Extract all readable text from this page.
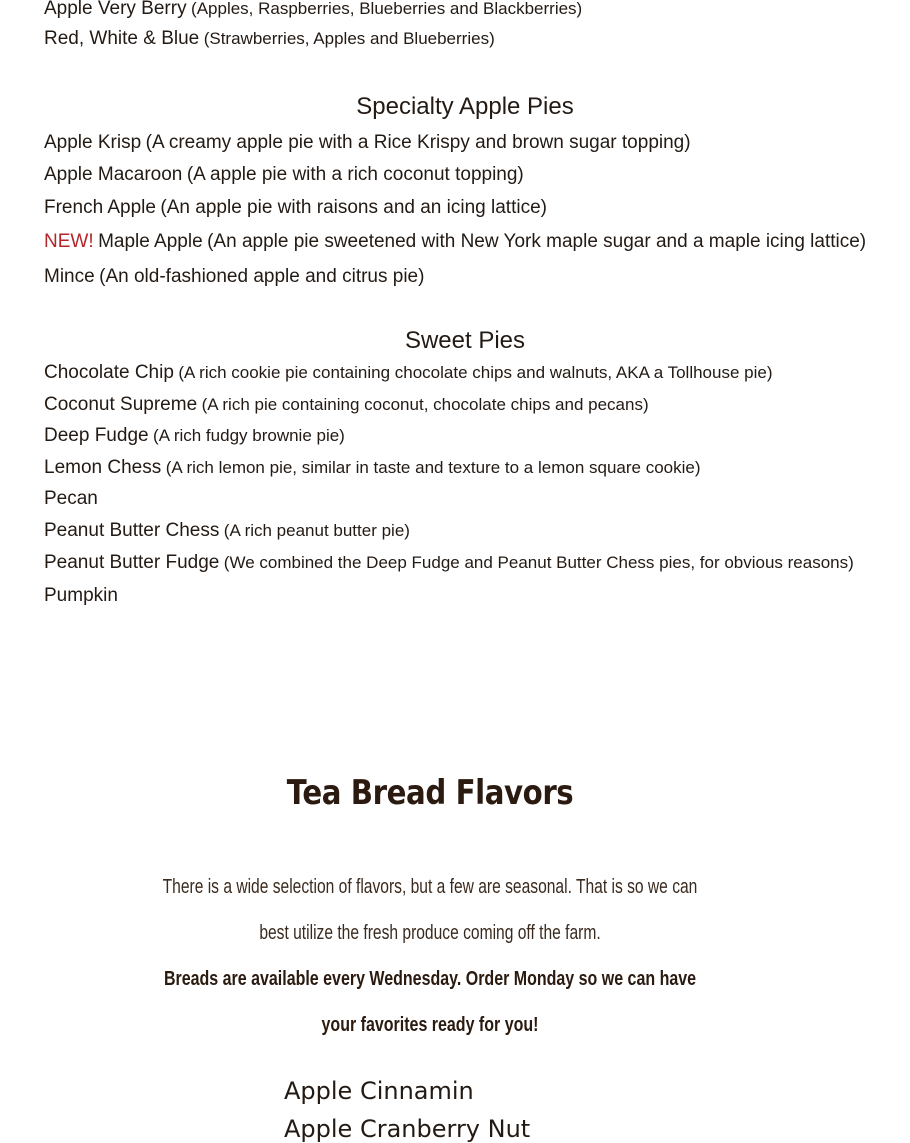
Apple Very Berry (Apples, Raspberries, Blueberries and Blackberries)
Red, White & Blue (Strawberries, Apples and Blueberries)
Specialty Apple Pies
Apple Krisp (A creamy apple pie with a Rice Krispy and brown sugar topping)
Apple Macaroon (A apple pie with a rich coconut topping)
French Apple (An apple pie with raisons and an icing lattice)
NEW! Maple Apple (An apple pie sweetened with New York maple sugar and a maple icing lattice)
Mince (An old-fashioned apple and citrus pie)
Sweet Pies
Chocolate Chip (A rich cookie pie containing chocolate chips and walnuts, AKA a Tollhouse pie)
Coconut Supreme (A rich pie containing coconut, chocolate chips and pecans)
Deep Fudge (A rich fudgy brownie pie)
Lemon Chess (A rich lemon pie, similar in taste and texture to a lemon square cookie)
Pecan
Peanut Butter Chess (A rich peanut butter pie)
Peanut Butter Fudge (We combined the Deep Fudge and Peanut Butter Chess pies, for obvious reasons)
Pumpkin
Tea Bread Flavors
There is a wide selection of flavors, but a few are seasonal. That is so we can
best utilize the fresh produce coming off the farm.
Breads are available every Wednesday. Order Monday so we can have
your favorites ready for you!
Apple Cinnamin
Apple Cranberry Nut
